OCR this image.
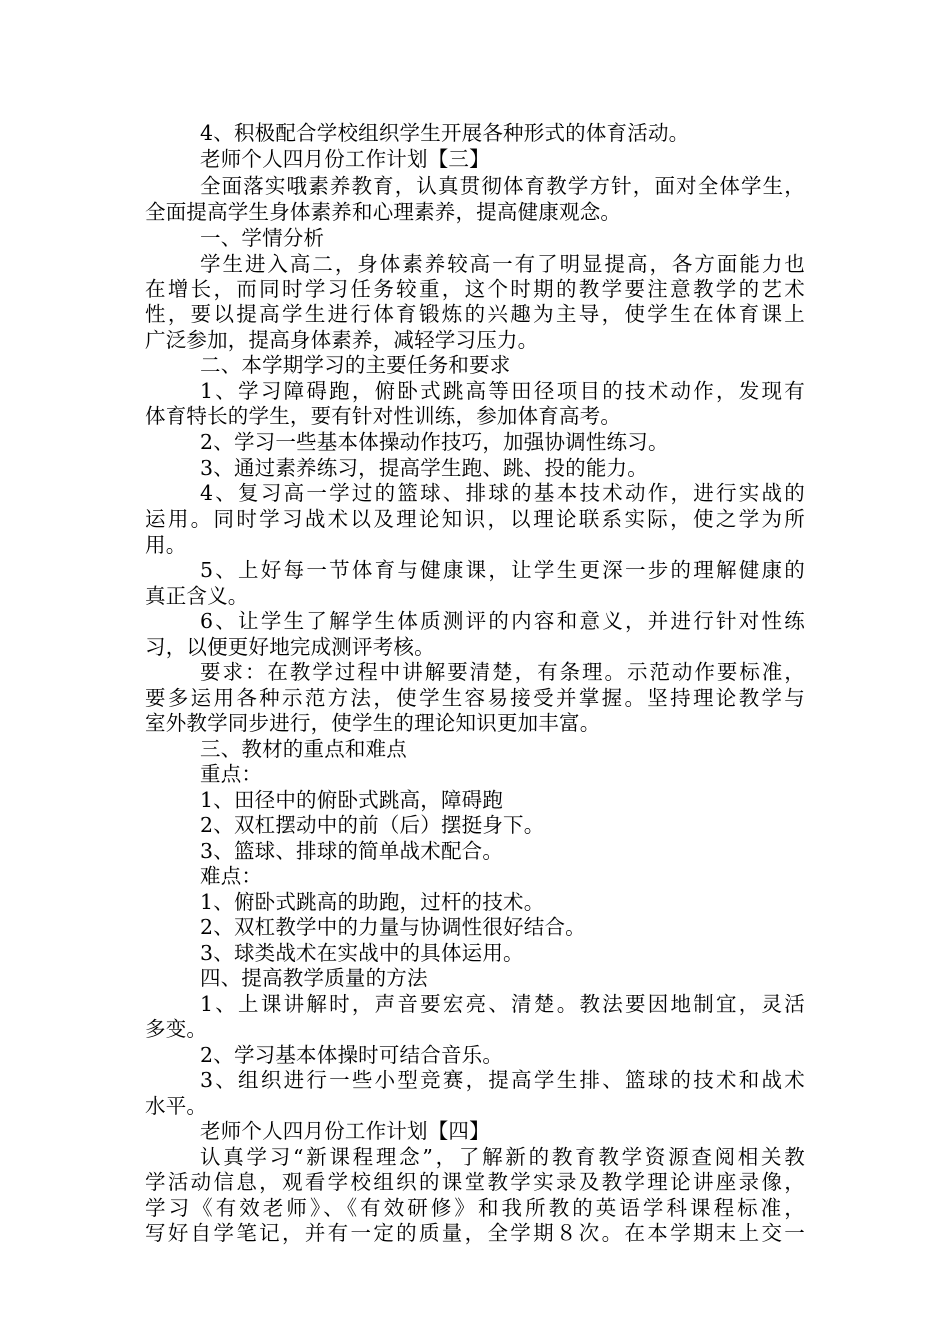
4、积极配合学校组织学生开展各种形式的体育活动。

老师个人四月份工作计划【三】

全面落实哦素养教育，认真贯彻体育教学方针，面对全体学生，

全面提高学生身体素养和心理素养，提高健康观念。

一、学情分析

学生进入高二，身体素养较高一有了明显提高，各方面能力也

在增长，而同时学习任务较重，这个时期的教学要注意教学的艺术

性，要以提高学生进行体育锻炼的兴趣为主导，使学生在体育课上

广泛参加，提高身体素养，减轻学习压力。

二、本学期学习的主要任务和要求

1、学习障碍跑，俯卧式跳高等田径项目的技术动作，发现有

体育特长的学生，要有针对性训练，参加体育高考。

2、学习一些基本体操动作技巧，加强协调性练习。

3、通过素养练习，提高学生跑、跳、投的能力。

4、复习高一学过的篮球、排球的基本技术动作，进行实战的

运用。同时学习战术以及理论知识，以理论联系实际，使之学为所

用。

5、上好每一节体育与健康课，让学生更深一步的理解健康的

真正含义。

6、让学生了解学生体质测评的内容和意义，并进行针对性练

习，以便更好地完成测评考核。

要求：在教学过程中讲解要清楚，有条理。示范动作要标准，

要多运用各种示范方法，使学生容易接受并掌握。坚持理论教学与

室外教学同步进行，使学生的理论知识更加丰富。

三、教材的重点和难点

重点：

1、田径中的俯卧式跳高，障碍跑

2、双杠摆动中的前（后）摆挺身下。

3、篮球、排球的简单战术配合。

难点：

1、俯卧式跳高的助跑，过杆的技术。

2、双杠教学中的力量与协调性很好结合。

3、球类战术在实战中的具体运用。

四、提高教学质量的方法

1、上课讲解时，声音要宏亮、清楚。教法要因地制宜，灵活

多变。

2、学习基本体操时可结合音乐。

3、组织进行一些小型竞赛，提高学生排、篮球的技术和战术

水平。

老师个人四月份工作计划【四】

认真学习“新课程理念”，了解新的教育教学资源查阅相关教

学活动信息，观看学校组织的课堂教学实录及教学理论讲座录像，

学习《有效老师》、《有效研修》和我所教的英语学科课程标准，

写好自学笔记，并有一定的质量，全学期８次。在本学期末上交一
